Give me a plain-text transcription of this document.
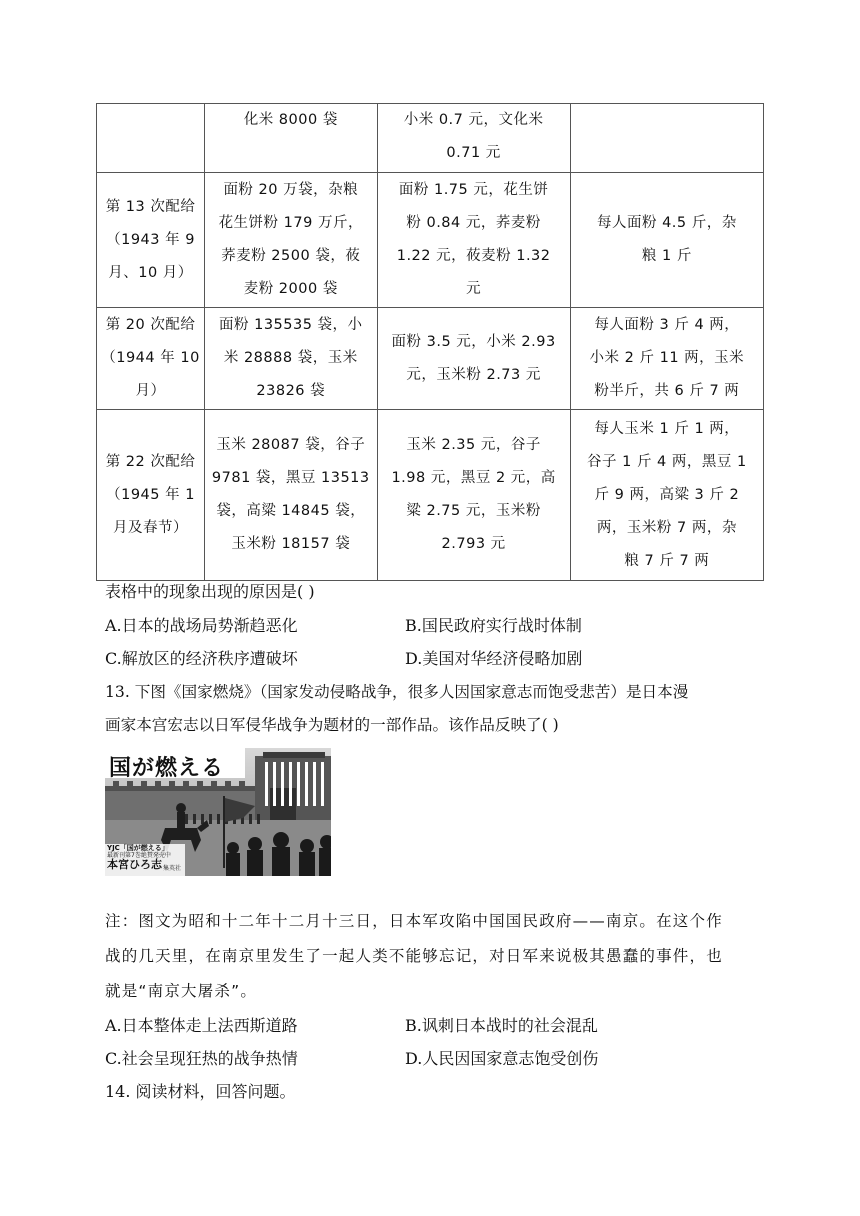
	化米 8000 袋	小米 0.7 元，文化米
0.71 元	

第 13 次配给
（1943 年 9
月、10 月）	面粉 20 万袋，杂粮
花生饼粉 179 万斤，
荞麦粉 2500 袋，莜
麦粉 2000 袋	面粉 1.75 元，花生饼
粉 0.84 元，荞麦粉
1.22 元，莜麦粉 1.32
元	每人面粉 4.5 斤，杂
粮 1 斤

第 20 次配给
（1944 年 10
月）	面粉 135535 袋，小
米 28888 袋，玉米
23826 袋	面粉 3.5 元，小米 2.93
元，玉米粉 2.73 元	每人面粉 3 斤 4 两，
小米 2 斤 11 两，玉米
粉半斤，共 6 斤 7 两

第 22 次配给
（1945 年 1
月及春节）	玉米 28087 袋，谷子
9781 袋，黑豆 13513
袋，高粱 14845 袋，
玉米粉 18157 袋	玉米 2.35 元，谷子
1.98 元，黑豆 2 元，高
粱 2.75 元，玉米粉
2.793 元	每人玉米 1 斤 1 两，
谷子 1 斤 4 两，黑豆 1
斤 9 两，高粱 3 斤 2
两，玉米粉 7 两，杂
粮 7 斤 7 两
表格中的现象出现的原因是( )
A.日本的战场局势渐趋恶化	B.国民政府实行战时体制
C.解放区的经济秩序遭破坏	D.美国对华经济侵略加剧
13. 下图《国家燃烧》（国家发动侵略战争，很多人因国家意志而饱受悲苦）是日本漫
画家本宫宏志以日军侵华战争为题材的一部作品。该作品反映了( )
国が燃える
YJC「国が燃える」
最新刊第7巻絶賛発売中
本宮ひろ志 集英社
注：图文为昭和十二年十二月十三日，日本军攻陷中国国民政府——南京。在这个作
战的几天里，在南京里发生了一起人类不能够忘记，对日军来说极其愚蠢的事件，也
就是“南京大屠杀”。
A.日本整体走上法西斯道路	B.讽刺日本战时的社会混乱
C.社会呈现狂热的战争热情	D.人民因国家意志饱受创伤
14. 阅读材料，回答问题。
